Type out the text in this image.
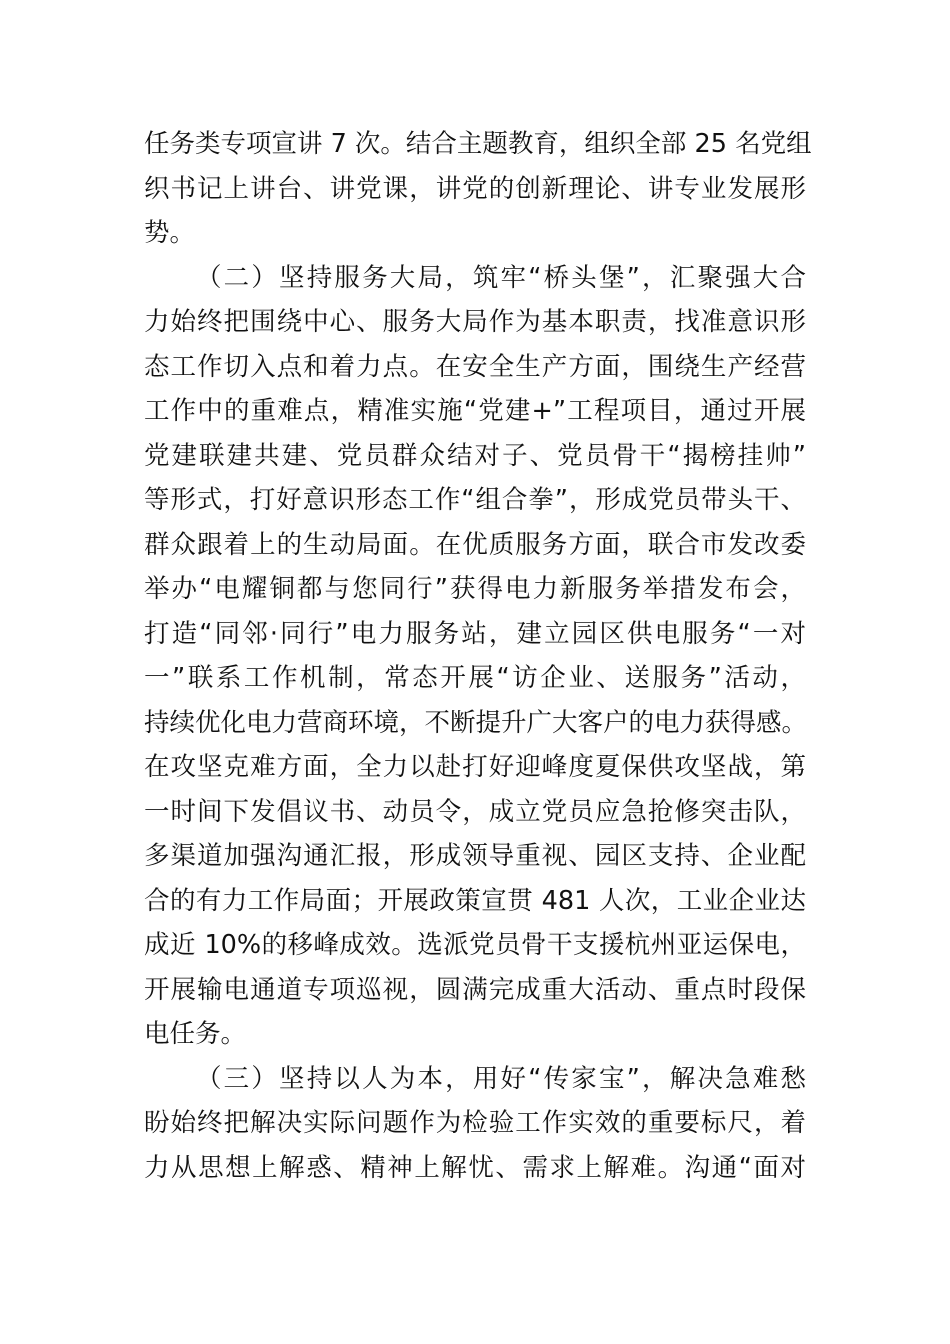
任务类专项宣讲 7 次。结合主题教育，组织全部 25 名党组
织书记上讲台、讲党课，讲党的创新理论、讲专业发展形
势。
（二）坚持服务大局，筑牢“桥头堡”，汇聚强大合
力始终把围绕中心、服务大局作为基本职责，找准意识形
态工作切入点和着力点。在安全生产方面，围绕生产经营
工作中的重难点，精准实施“党建+”工程项目，通过开展
党建联建共建、党员群众结对子、党员骨干“揭榜挂帅”
等形式，打好意识形态工作“组合拳”，形成党员带头干、
群众跟着上的生动局面。在优质服务方面，联合市发改委
举办“电耀铜都与您同行”获得电力新服务举措发布会，
打造“同邻·同行”电力服务站，建立园区供电服务“一对
一”联系工作机制，常态开展“访企业、送服务”活动，
持续优化电力营商环境，不断提升广大客户的电力获得感。
在攻坚克难方面，全力以赴打好迎峰度夏保供攻坚战，第
一时间下发倡议书、动员令，成立党员应急抢修突击队，
多渠道加强沟通汇报，形成领导重视、园区支持、企业配
合的有力工作局面；开展政策宣贯 481 人次，工业企业达
成近 10%的移峰成效。选派党员骨干支援杭州亚运保电，
开展输电通道专项巡视，圆满完成重大活动、重点时段保
电任务。
（三）坚持以人为本，用好“传家宝”，解决急难愁
盼始终把解决实际问题作为检验工作实效的重要标尺，着
力从思想上解惑、精神上解忧、需求上解难。沟通“面对
